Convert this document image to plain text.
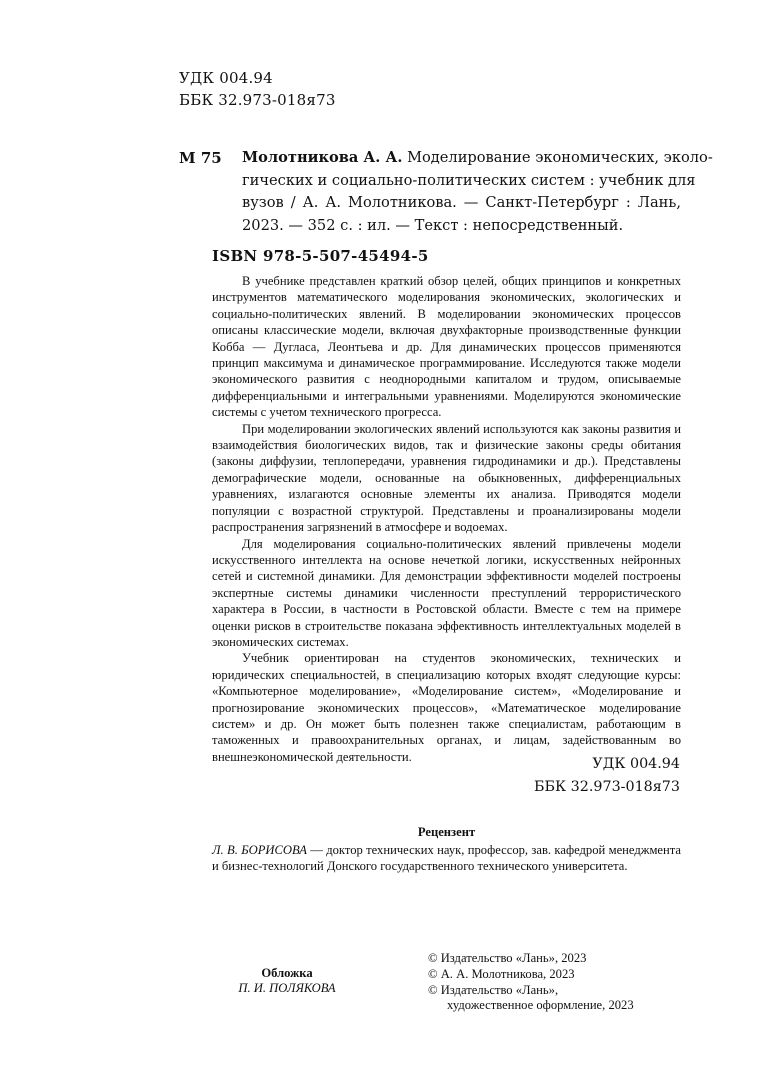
УДК 004.94
ББК 32.973-018я73
М 75 Молотникова А. А. Моделирование экономических, эколо-
гических и социально-политических систем : учебник для
вузов / А. А. Молотникова. — Санкт-Петербург : Лань,
2023. — 352 с. : ил. — Текст : непосредственный.
ISBN 978-5-507-45494-5

В учебнике представлен краткий обзор целей, общих принципов и конкретных инструментов математического моделирования экономических, экологических и социально-политических явлений. В моделировании экономических процессов описаны классические модели, включая двухфакторные производственные функции Кобба — Дугласа, Леонтьева и др. Для динамических процессов применяются принцип максимума и динамическое программирование. Исследуются также модели экономического развития с неоднородными капиталом и трудом, описываемые дифференциальными и интегральными уравнениями. Моделируются экономические системы с учетом технического прогресса.

При моделировании экологических явлений используются как законы развития и взаимодействия биологических видов, так и физические законы среды обитания (законы диффузии, теплопередачи, уравнения гидродинамики и др.). Представлены демографические модели, основанные на обыкновенных, дифференциальных уравнениях, излагаются основные элементы их анализа. Приводятся модели популяции с возрастной структурой. Представлены и проанализированы модели распространения загрязнений в атмосфере и водоемах.

Для моделирования социально-политических явлений привлечены модели искусственного интеллекта на основе нечеткой логики, искусственных нейронных сетей и системной динамики. Для демонстрации эффективности моделей построены экспертные системы динамики численности преступлений террористического характера в России, в частности в Ростовской области. Вместе с тем на примере оценки рисков в строительстве показана эффективность интеллектуальных моделей в экономических системах.

Учебник ориентирован на студентов экономических, технических и юридических специальностей, в специализацию которых входят следующие курсы: «Компьютерное моделирование», «Моделирование систем», «Моделирование и прогнозирование экономических процессов», «Математическое моделирование систем» и др. Он может быть полезнен также специалистам, работающим в таможенных и правоохранительных органах, и лицам, задействованным во внешнеэкономической деятельности.	УДК 004.94
ББК 32.973-018я73
Рецензент
Л. В. БОРИСОВА — доктор технических наук, профессор, зав. кафедрой менеджмента и бизнес-технологий Донского государственного технического университета.
Обложка
П. И. ПОЛЯКОВА
© Издательство «Лань», 2023
© А. А. Молотникова, 2023
© Издательство «Лань»,
художественное оформление, 2023
